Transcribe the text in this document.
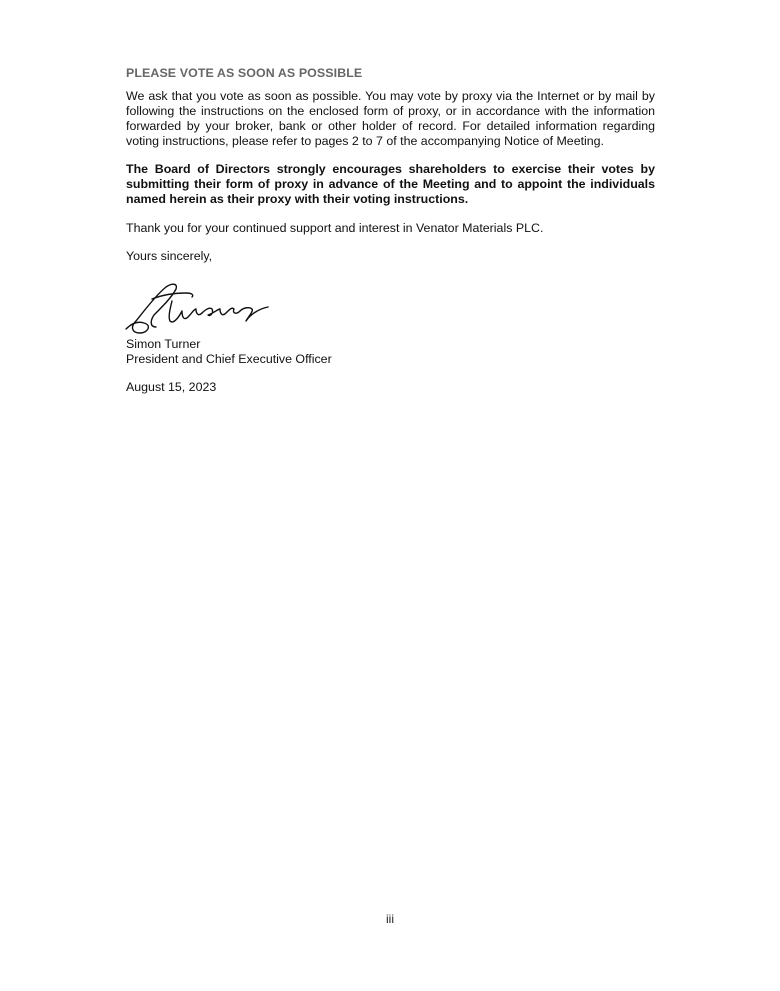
PLEASE VOTE AS SOON AS POSSIBLE

We ask that you vote as soon as possible. You may vote by proxy via the Internet or by mail by following the instructions on the enclosed form of proxy, or in accordance with the information forwarded by your broker, bank or other holder of record. For detailed information regarding voting instructions, please refer to pages 2 to 7 of the accompanying Notice of Meeting.

The Board of Directors strongly encourages shareholders to exercise their votes by submitting their form of proxy in advance of the Meeting and to appoint the individuals named herein as their proxy with their voting instructions.

Thank you for your continued support and interest in Venator Materials PLC.

Yours sincerely,

Simon Turner
President and Chief Executive Officer
August 15, 2023
iii
